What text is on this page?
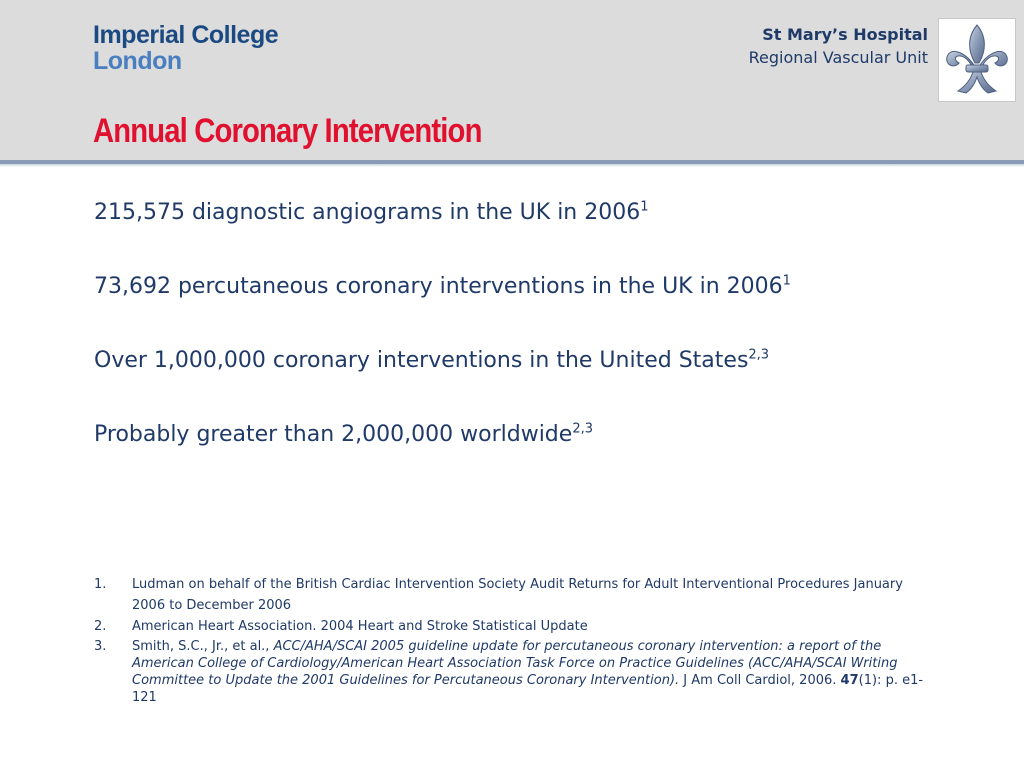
Imperial College
London
St Mary’s Hospital
Regional Vascular Unit
Annual Coronary Intervention
215,575 diagnostic angiograms in the UK in 2006$^1$
73,692 percutaneous coronary interventions in the UK in 2006$^1$
Over 1,000,000 coronary interventions in the United States$^{2,3}$
Probably greater than 2,000,000 worldwide$^{2,3}$
1. Ludman on behalf of the British Cardiac Intervention Society Audit Returns for Adult Interventional Procedures January 2006 to December 2006
2. American Heart Association. 2004 Heart and Stroke Statistical Update
3. Smith, S.C., Jr., et al., ACC/AHA/SCAI 2005 guideline update for percutaneous coronary intervention: a report of the American College of Cardiology/American Heart Association Task Force on Practice Guidelines (ACC/AHA/SCAI Writing Committee to Update the 2001 Guidelines for Percutaneous Coronary Intervention). J Am Coll Cardiol, 2006. 47(1): p. e1-121
